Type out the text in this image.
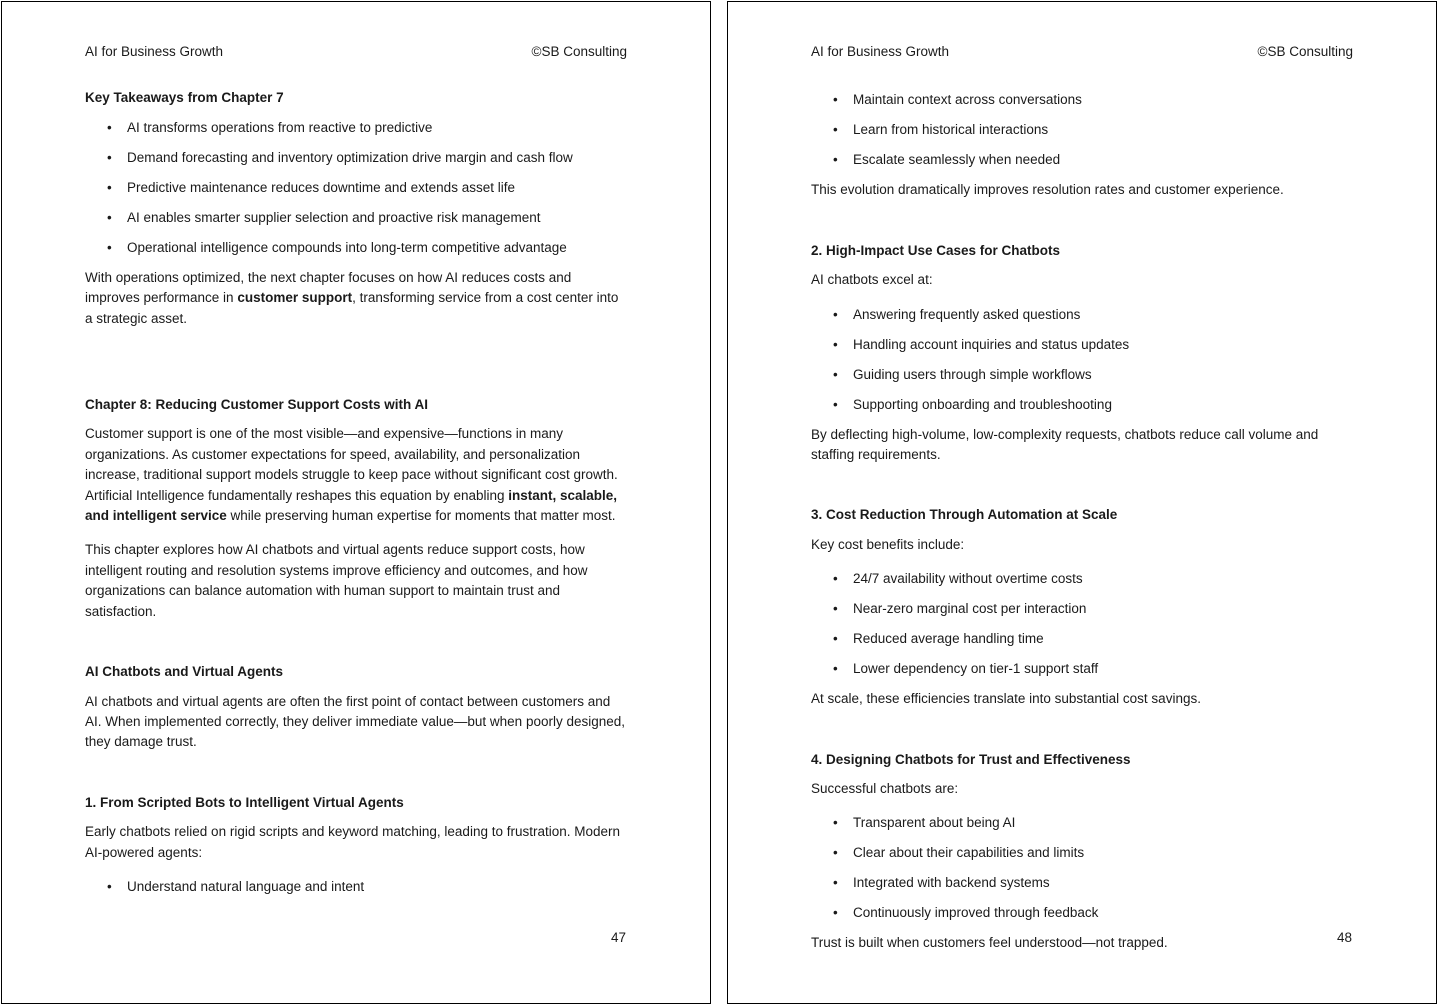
AI for Business Growth	©SB Consulting
Key Takeaways from Chapter 7
• AI transforms operations from reactive to predictive
• Demand forecasting and inventory optimization drive margin and cash flow
• Predictive maintenance reduces downtime and extends asset life
• AI enables smarter supplier selection and proactive risk management
• Operational intelligence compounds into long-term competitive advantage

With operations optimized, the next chapter focuses on how AI reduces costs and improves performance in customer support, transforming service from a cost center into a strategic asset.

Chapter 8: Reducing Customer Support Costs with AI

Customer support is one of the most visible—and expensive—functions in many organizations. As customer expectations for speed, availability, and personalization increase, traditional support models struggle to keep pace without significant cost growth. Artificial Intelligence fundamentally reshapes this equation by enabling instant, scalable, and intelligent service while preserving human expertise for moments that matter most.

This chapter explores how AI chatbots and virtual agents reduce support costs, how intelligent routing and resolution systems improve efficiency and outcomes, and how organizations can balance automation with human support to maintain trust and satisfaction.

AI Chatbots and Virtual Agents

AI chatbots and virtual agents are often the first point of contact between customers and AI. When implemented correctly, they deliver immediate value—but when poorly designed, they damage trust.

1. From Scripted Bots to Intelligent Virtual Agents

Early chatbots relied on rigid scripts and keyword matching, leading to frustration. Modern AI-powered agents:

• Understand natural language and intent
47
AI for Business Growth	©SB Consulting
• Maintain context across conversations
• Learn from historical interactions
• Escalate seamlessly when needed

This evolution dramatically improves resolution rates and customer experience.

2. High-Impact Use Cases for Chatbots

AI chatbots excel at:

• Answering frequently asked questions
• Handling account inquiries and status updates
• Guiding users through simple workflows
• Supporting onboarding and troubleshooting

By deflecting high-volume, low-complexity requests, chatbots reduce call volume and staffing requirements.

3. Cost Reduction Through Automation at Scale

Key cost benefits include:

• 24/7 availability without overtime costs
• Near-zero marginal cost per interaction
• Reduced average handling time
• Lower dependency on tier-1 support staff

At scale, these efficiencies translate into substantial cost savings.

4. Designing Chatbots for Trust and Effectiveness

Successful chatbots are:

• Transparent about being AI
• Clear about their capabilities and limits
• Integrated with backend systems
• Continuously improved through feedback

Trust is built when customers feel understood—not trapped.	48
